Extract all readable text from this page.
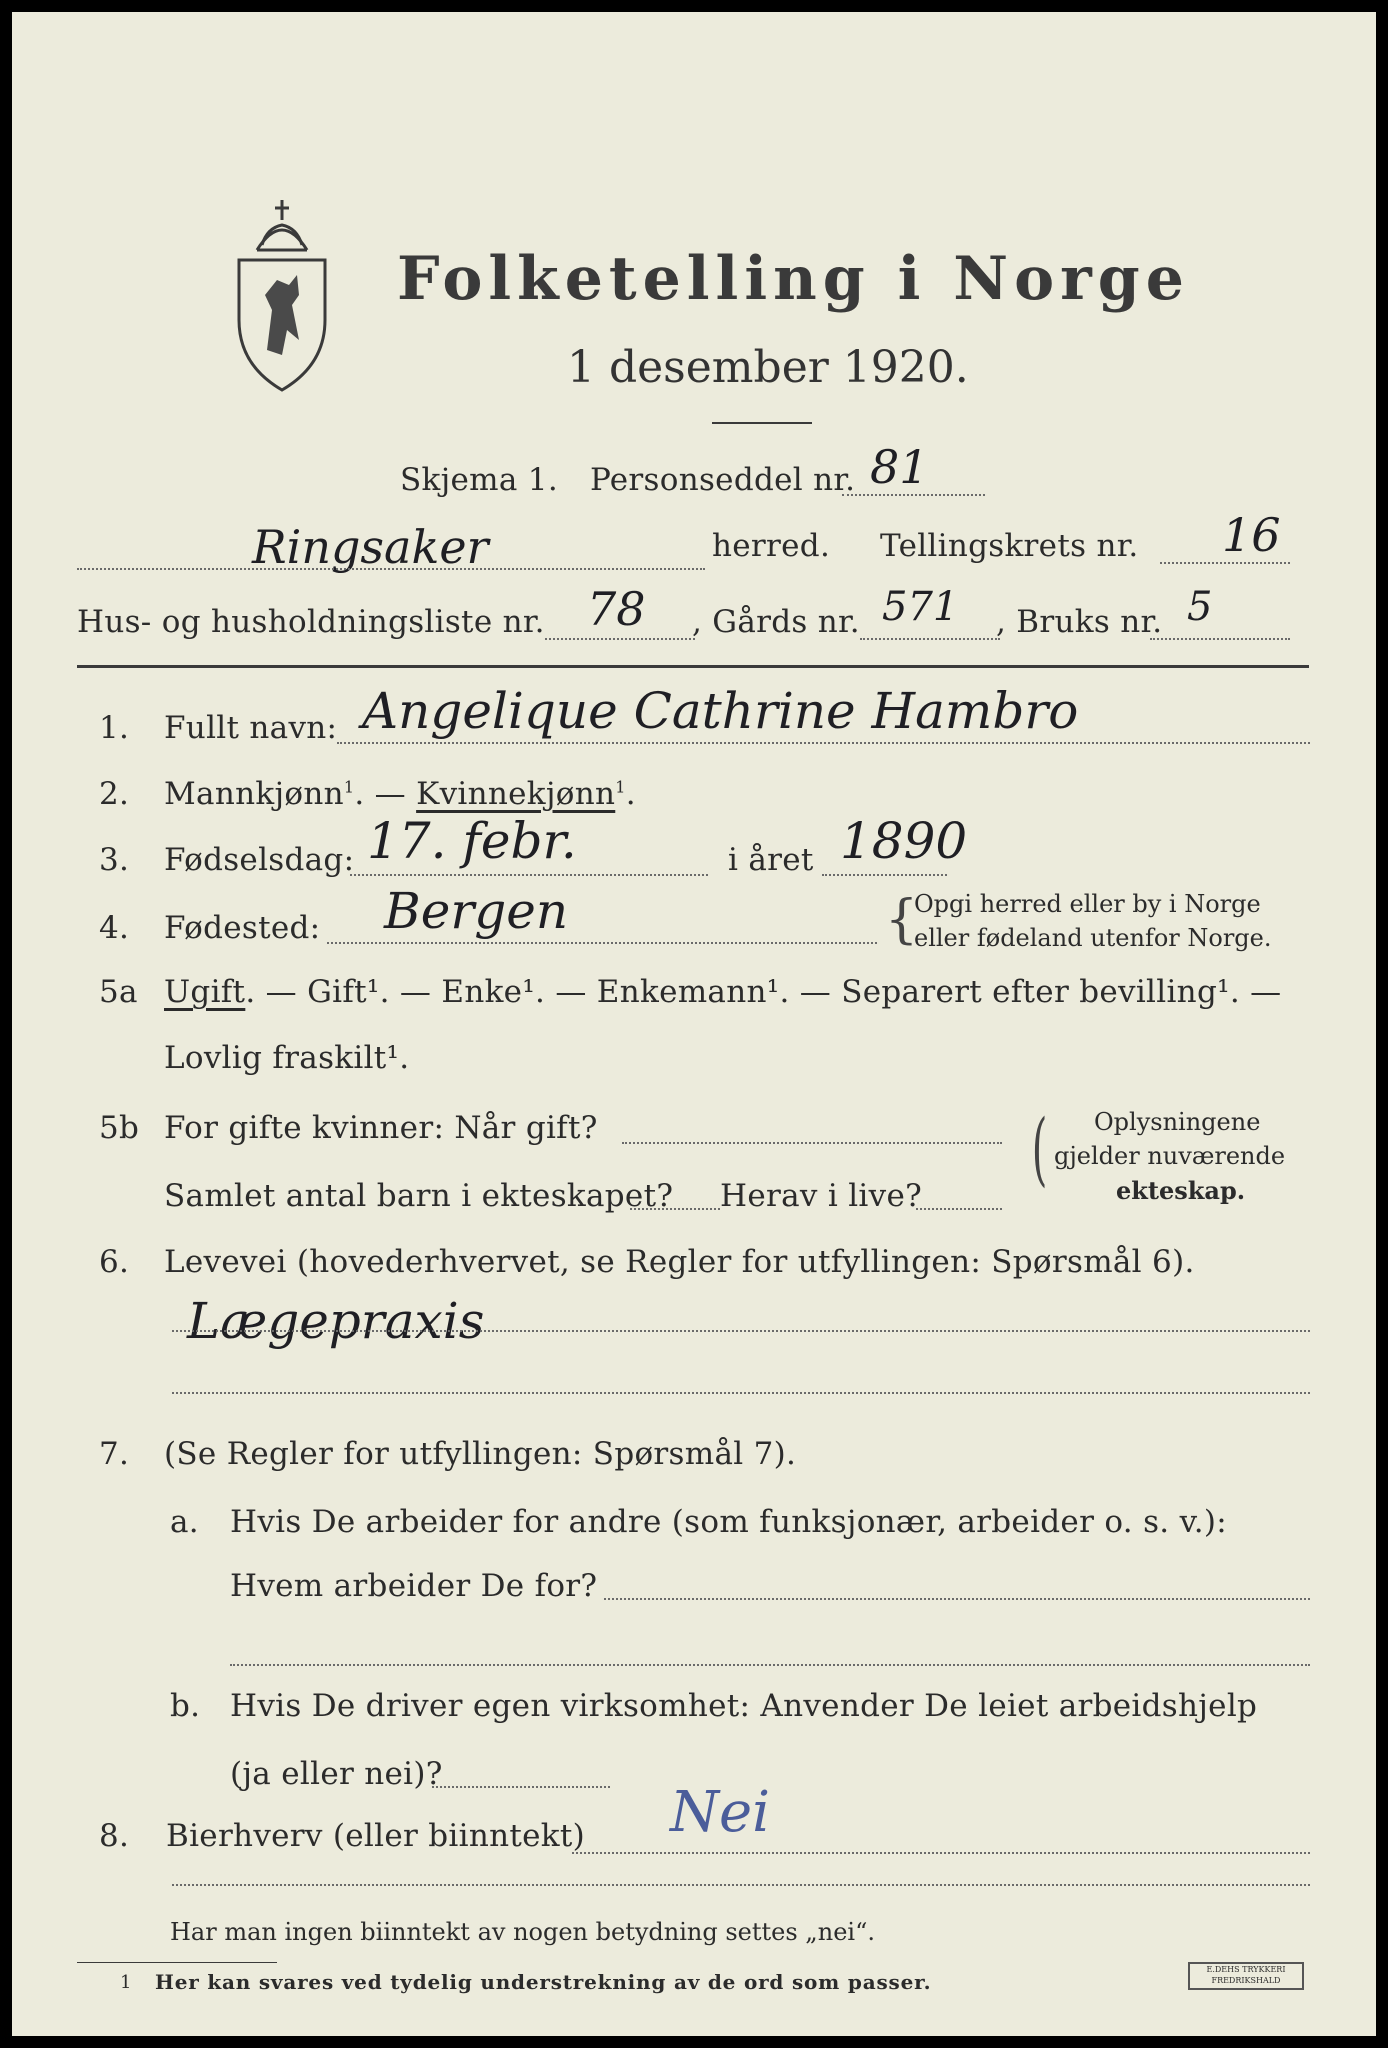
Folketelling i Norge
1 desember 1920.
Skjema 1. Personseddel nr. 81
Ringsaker	herred. Tellingskrets nr. 16
Hus- og husholdningsliste nr. 78 , Gårds nr. 571 , Bruks nr. 5
1. Fullt navn: Angelique Cathrine Hambro
2. Mannkjønn$^1$. — Kvinnekjønn$^1$.
3. Fødselsdag: 17. febr.	i året 1890
4. Fødested: Bergen	{
Opgi herred eller by i Norge
eller fødeland utenfor Norge.
5a Ugift. — Gift¹. — Enke¹. — Enkemann¹. — Separert efter bevilling¹. —
Lovlig fraskilt¹.
5b For gifte kvinner: Når gift?
Samlet antal barn i ekteskapet? Herav i live?
( Oplysningene
gjelder nuværende
ekteskap.
6. Levevei (hovederhvervet, se Regler for utfyllingen: Spørsmål 6).
Lægepraxis
7. (Se Regler for utfyllingen: Spørsmål 7).
a. Hvis De arbeider for andre (som funksjonær, arbeider o. s. v.):
Hvem arbeider De for?
b. Hvis De driver egen virksomhet: Anvender De leiet arbeidshjelp
(ja eller nei)?
8. Bierhverv (eller biinntekt) Nei
Har man ingen biinntekt av nogen betydning settes „nei“.
1 Her kan svares ved tydelig understrekning av de ord som passer.
E.DEHS TRYKKERI
FREDRIKSHALD
